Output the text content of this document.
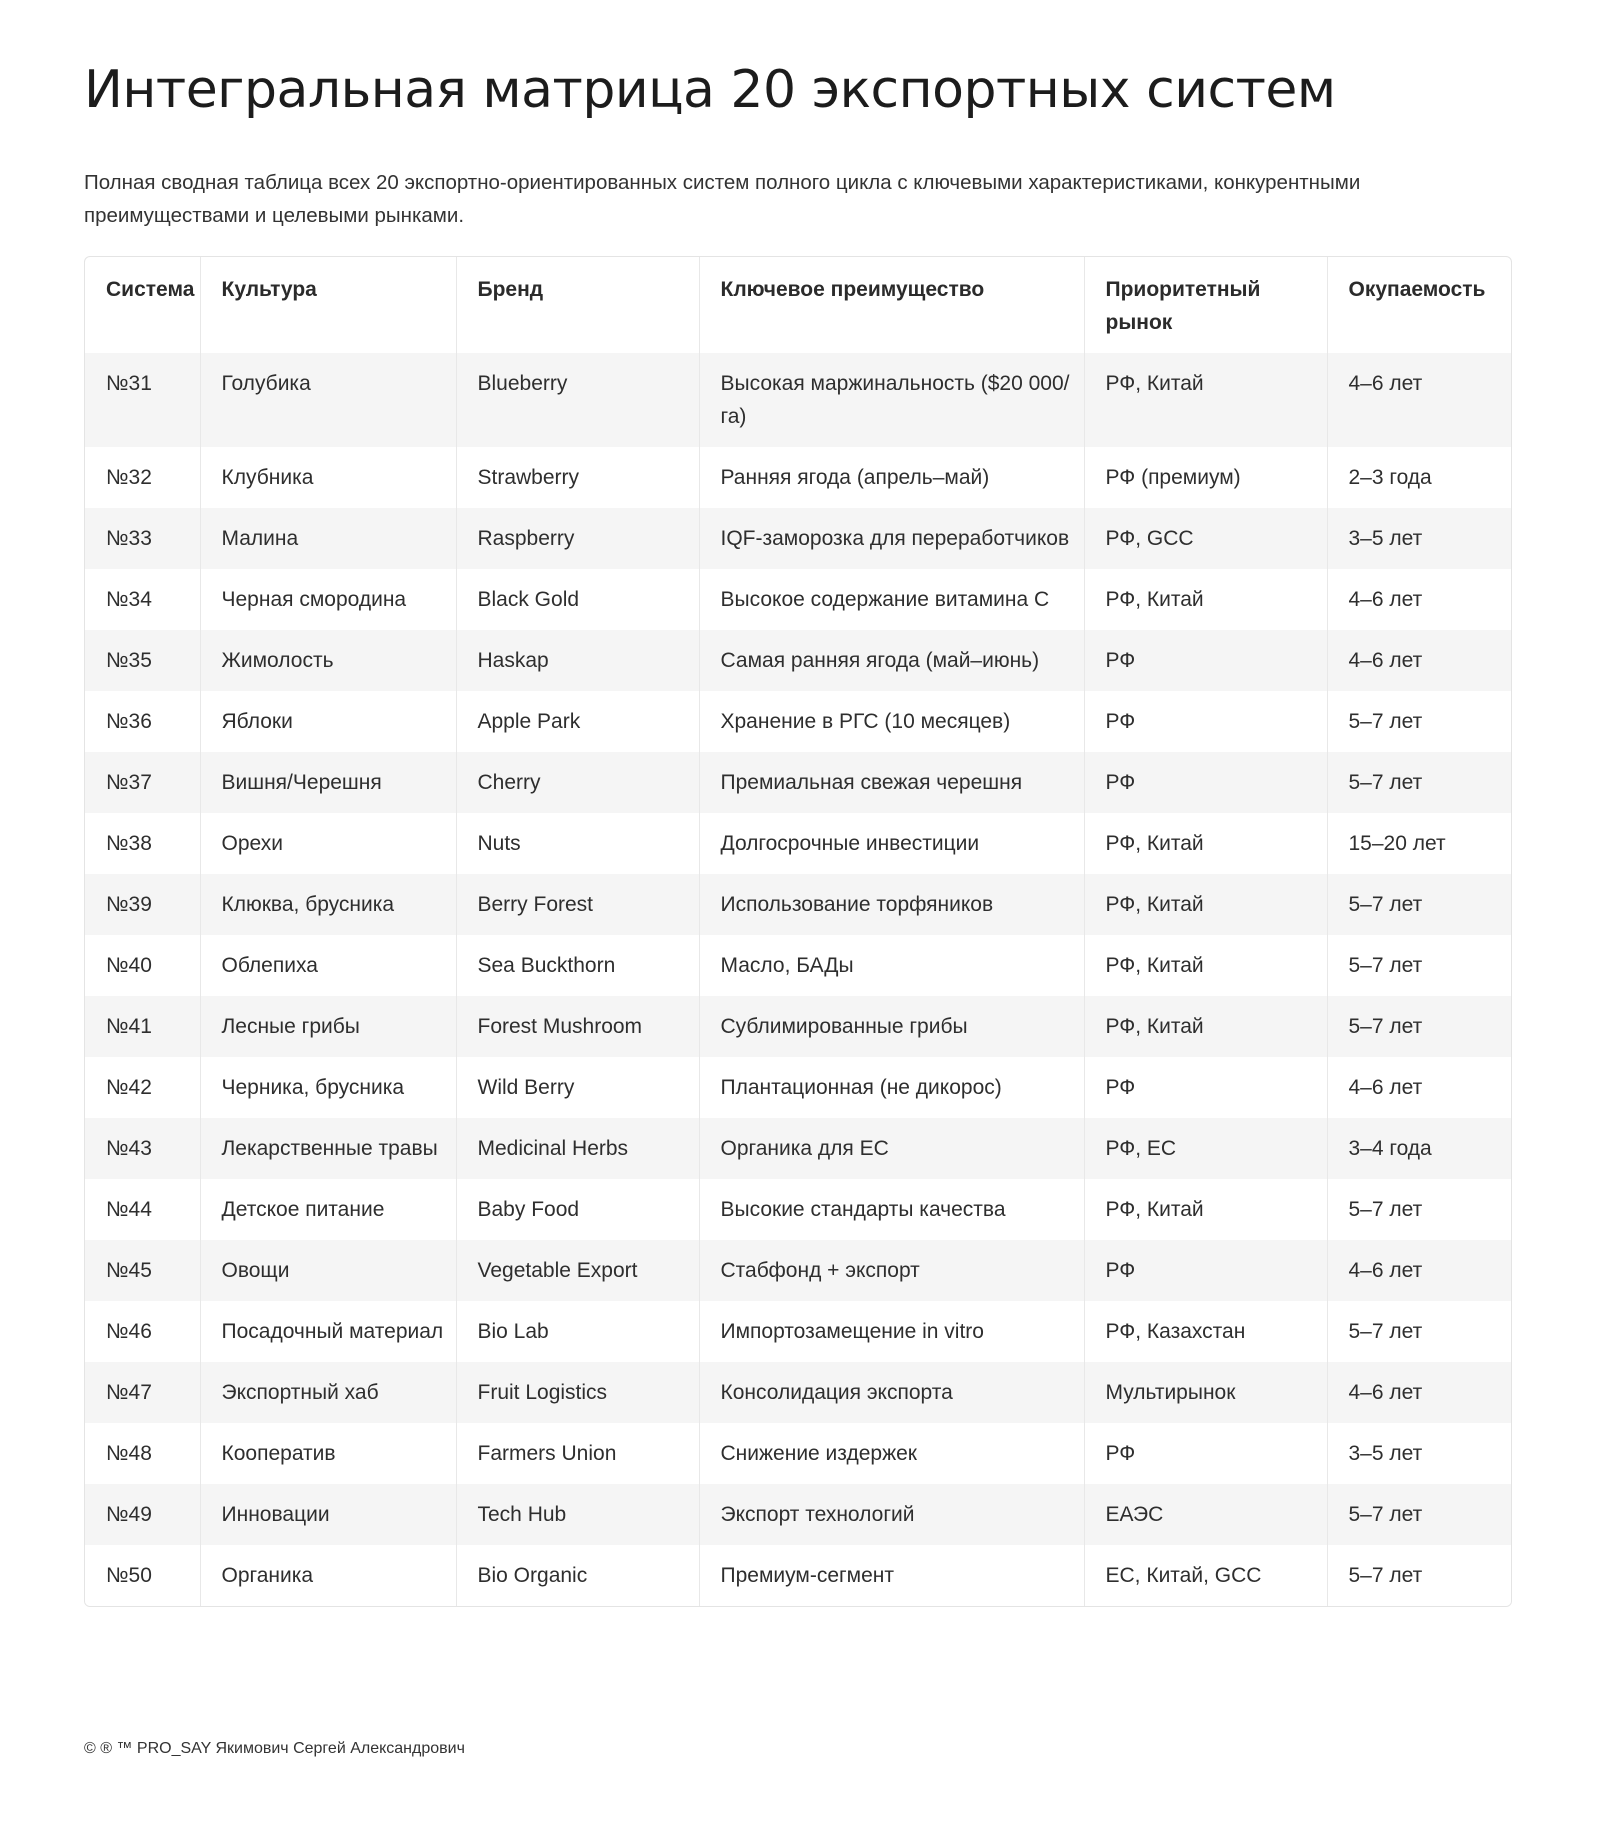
Интегральная матрица 20 экспортных систем

Полная сводная таблица всех 20 экспортно-ориентированных систем полного цикла с ключевыми характеристиками, конкурентными преимуществами и целевыми рынками.

Система	Культура	Бренд	Ключевое преимущество	Приоритетный рынок	Окупаемость
№31	Голубика	Blueberry	Высокая маржинальность ($20 000/га)	РФ, Китай	4–6 лет
№32	Клубника	Strawberry	Ранняя ягода (апрель–май)	РФ (премиум)	2–3 года
№33	Малина	Raspberry	IQF-заморозка для переработчиков	РФ, GCC	3–5 лет
№34	Черная смородина	Black Gold	Высокое содержание витамина С	РФ, Китай	4–6 лет
№35	Жимолость	Haskap	Самая ранняя ягода (май–июнь)	РФ	4–6 лет
№36	Яблоки	Apple Park	Хранение в РГС (10 месяцев)	РФ	5–7 лет
№37	Вишня/Черешня	Cherry	Премиальная свежая черешня	РФ	5–7 лет
№38	Орехи	Nuts	Долгосрочные инвестиции	РФ, Китай	15–20 лет
№39	Клюква, брусника	Berry Forest	Использование торфяников	РФ, Китай	5–7 лет
№40	Облепиха	Sea Buckthorn	Масло, БАДы	РФ, Китай	5–7 лет
№41	Лесные грибы	Forest Mushroom	Сублимированные грибы	РФ, Китай	5–7 лет
№42	Черника, брусника	Wild Berry	Плантационная (не дикорос)	РФ	4–6 лет
№43	Лекарственные травы	Medicinal Herbs	Органика для ЕС	РФ, ЕС	3–4 года
№44	Детское питание	Baby Food	Высокие стандарты качества	РФ, Китай	5–7 лет
№45	Овощи	Vegetable Export	Стабфонд + экспорт	РФ	4–6 лет
№46	Посадочный материал	Bio Lab	Импортозамещение in vitro	РФ, Казахстан	5–7 лет
№47	Экспортный хаб	Fruit Logistics	Консолидация экспорта	Мультирынок	4–6 лет
№48	Кооператив	Farmers Union	Снижение издержек	РФ	3–5 лет
№49	Инновации	Tech Hub	Экспорт технологий	ЕАЭС	5–7 лет
№50	Органика	Bio Organic	Премиум-сегмент	ЕС, Китай, GCC	5–7 лет

© ® ™ PRO_SAY Якимович Сергей Александрович
